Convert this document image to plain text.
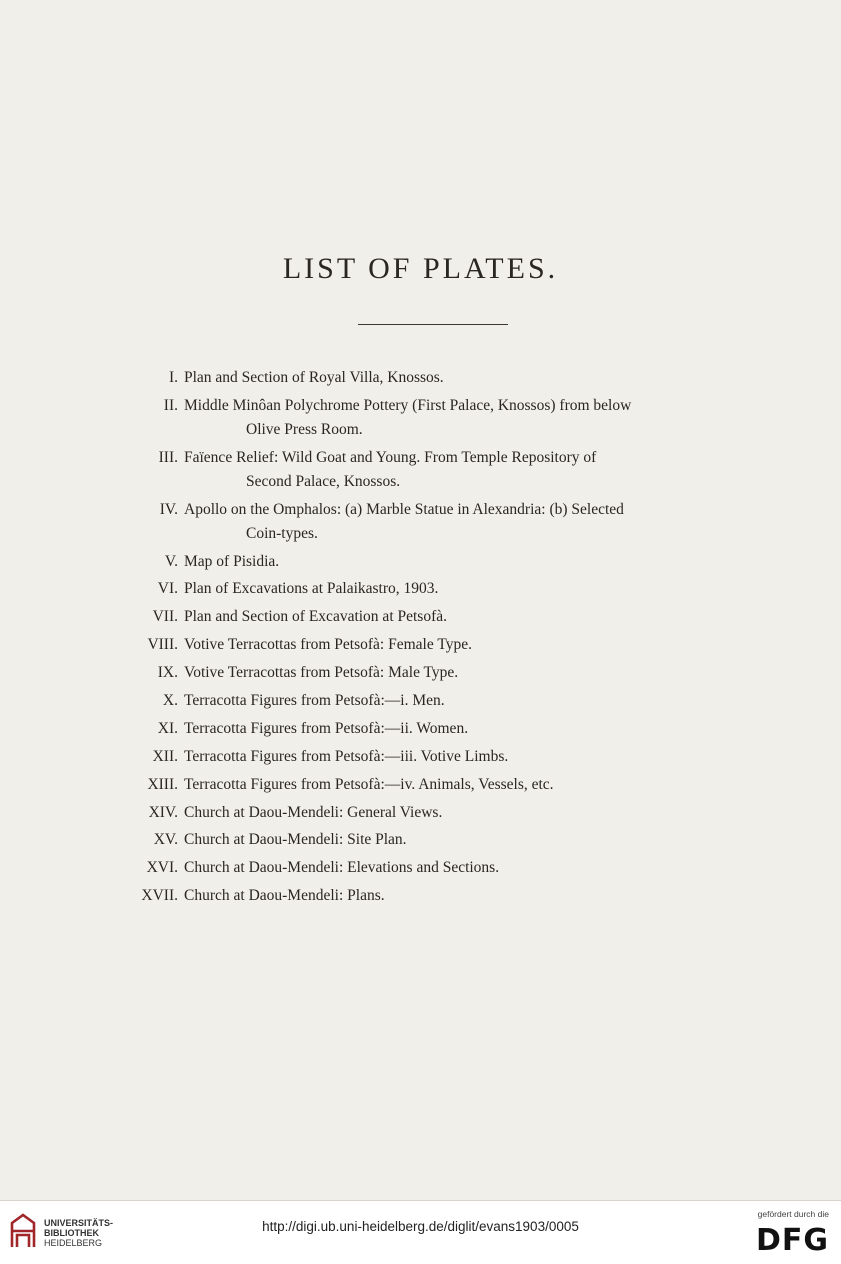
LIST OF PLATES.
I. Plan and Section of Royal Villa, Knossos.
II. Middle Minôan Polychrome Pottery (First Palace, Knossos) from below
Olive Press Room.
III. Faïence Relief: Wild Goat and Young. From Temple Repository of
Second Palace, Knossos.
IV. Apollo on the Omphalos: (a) Marble Statue in Alexandria: (b) Selected
Coin-types.
V. Map of Pisidia.
VI. Plan of Excavations at Palaikastro, 1903.
VII. Plan and Section of Excavation at Petsofà.
VIII. Votive Terracottas from Petsofà: Female Type.
IX. Votive Terracottas from Petsofà: Male Type.
X. Terracotta Figures from Petsofà:—i. Men.
XI. Terracotta Figures from Petsofà:—ii. Women.
XII. Terracotta Figures from Petsofà:—iii. Votive Limbs.
XIII. Terracotta Figures from Petsofà:—iv. Animals, Vessels, etc.
XIV. Church at Daou-Mendeli: General Views.
XV. Church at Daou-Mendeli: Site Plan.
XVI. Church at Daou-Mendeli: Elevations and Sections.
XVII. Church at Daou-Mendeli: Plans.
UNIVERSITÄTS-
BIBLIOTHEK
HEIDELBERG
http://digi.ub.uni-heidelberg.de/diglit/evans1903/0005
gefördert durch die
DFG
